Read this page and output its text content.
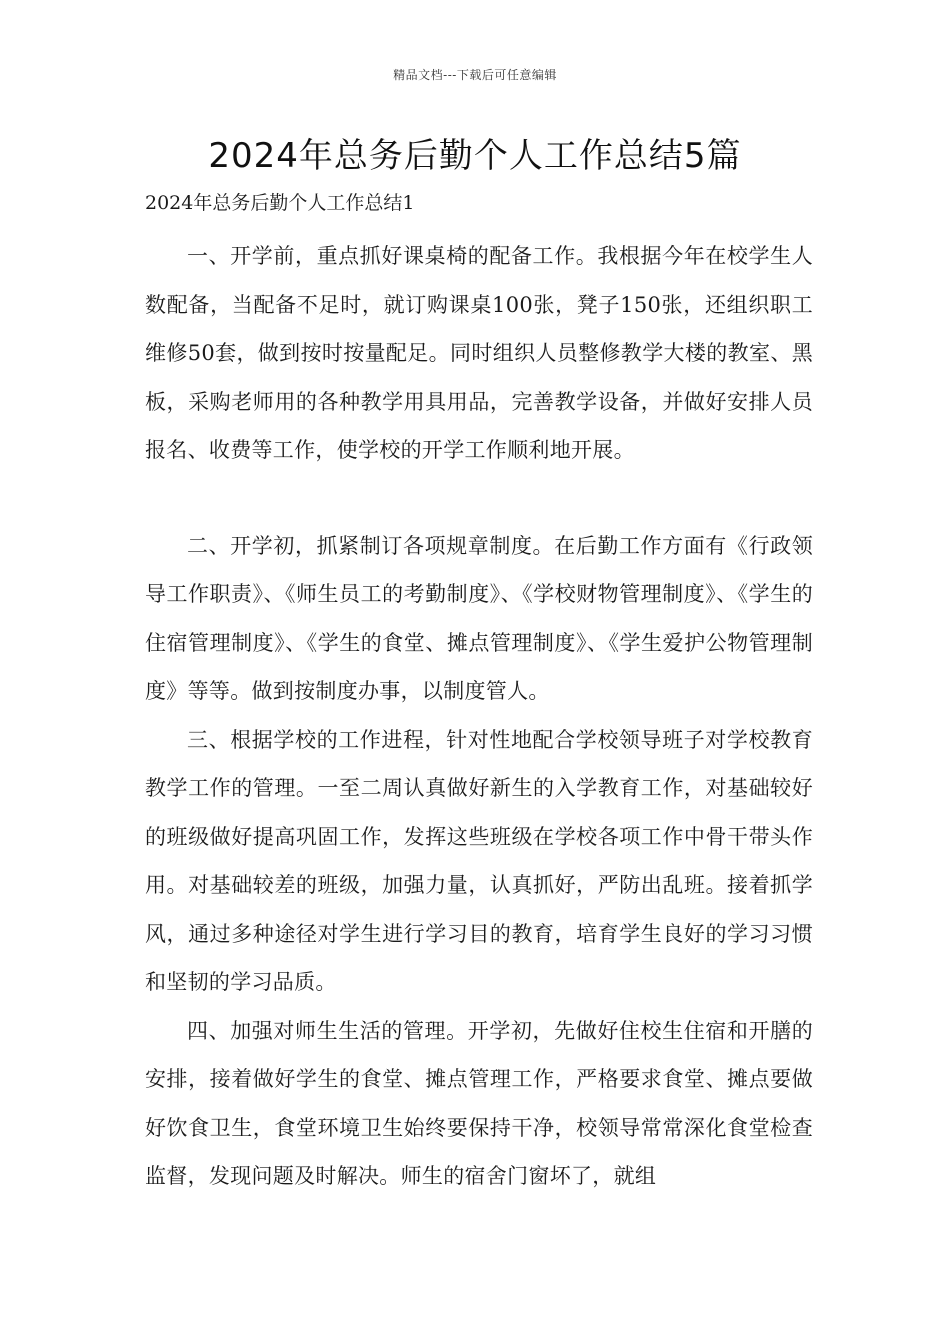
精品文档---下载后可任意编辑
2024年总务后勤个人工作总结5篇
2024年总务后勤个人工作总结1

一、开学前，重点抓好课桌椅的配备工作。我根据今年在校学生人数配备，当配备不足时，就订购课桌100张，凳子150张，还组织职工维修50套，做到按时按量配足。同时组织人员整修教学大楼的教室、黑板，采购老师用的各种教学用具用品，完善教学设备，并做好安排人员报名、收费等工作，使学校的开学工作顺利地开展。

二、开学初，抓紧制订各项规章制度。在后勤工作方面有《行政领导工作职责》、《师生员工的考勤制度》、《学校财物管理制度》、《学生的住宿管理制度》、《学生的食堂、摊点管理制度》、《学生爱护公物管理制度》等等。做到按制度办事，以制度管人。

三、根据学校的工作进程，针对性地配合学校领导班子对学校教育教学工作的管理。一至二周认真做好新生的入学教育工作，对基础较好的班级做好提高巩固工作，发挥这些班级在学校各项工作中骨干带头作用。对基础较差的班级，加强力量，认真抓好，严防出乱班。接着抓学风，通过多种途径对学生进行学习目的教育，培育学生良好的学习习惯和坚韧的学习品质。

四、加强对师生生活的管理。开学初，先做好住校生住宿和开膳的安排，接着做好学生的食堂、摊点管理工作，严格要求食堂、摊点要做好饮食卫生，食堂环境卫生始终要保持干净，校领导常常深化食堂检查监督，发现问题及时解决。师生的宿舍门窗坏了，就组
